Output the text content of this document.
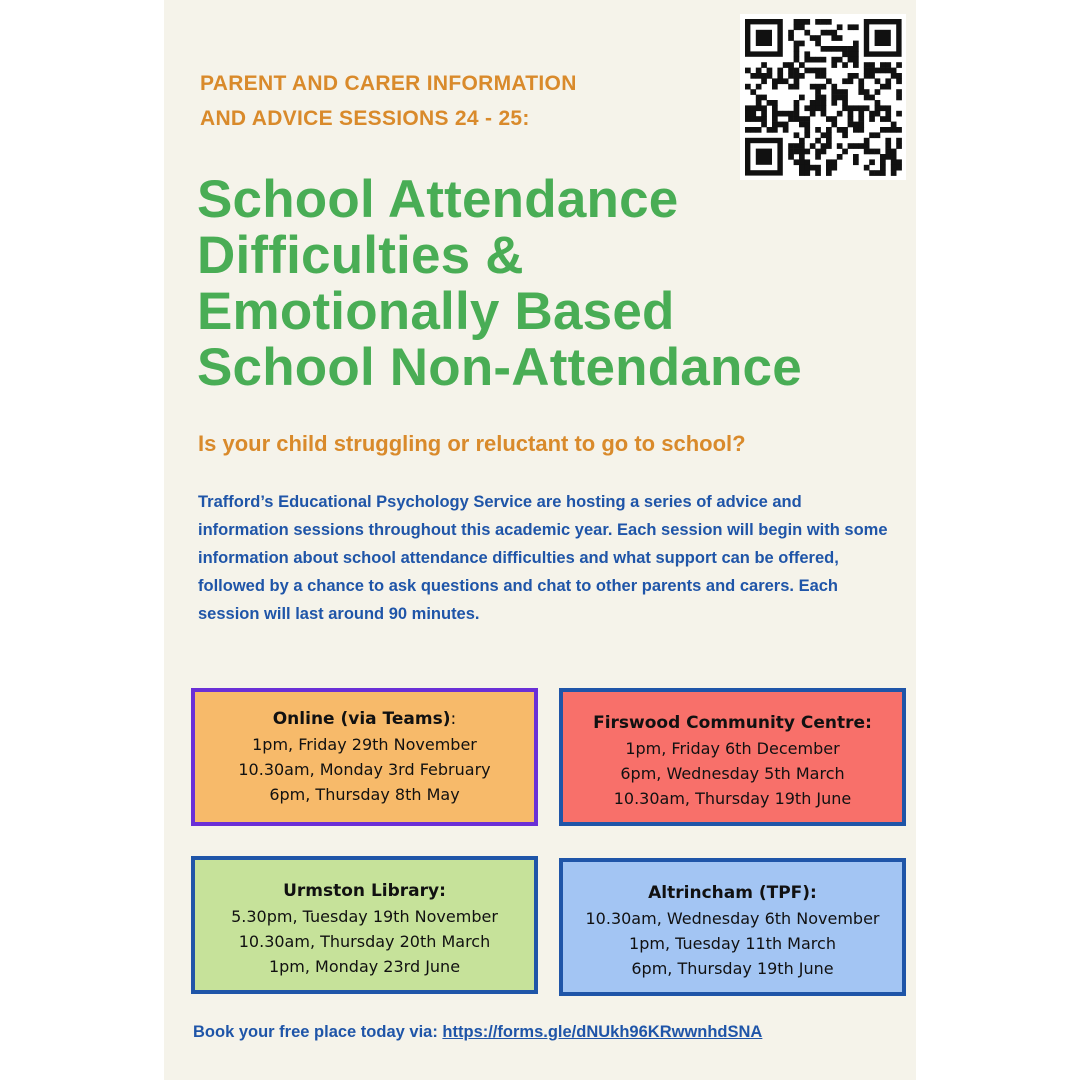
PARENT AND CARER INFORMATION
AND ADVICE SESSIONS 24 - 25:
School Attendance
Difficulties &
Emotionally Based
School Non-Attendance
Is your child struggling or reluctant to go to school?
Trafford’s Educational Psychology Service are hosting a series of advice and information sessions throughout this academic year. Each session will begin with some information about school attendance difficulties and what support can be offered, followed by a chance to ask questions and chat to other parents and carers. Each session will last around 90 minutes.
Online (via Teams):
1pm, Friday 29th November
10.30am, Monday 3rd February
6pm, Thursday 8th May
Firswood Community Centre:
1pm, Friday 6th December
6pm, Wednesday 5th March
10.30am, Thursday 19th June
Urmston Library:
5.30pm, Tuesday 19th November
10.30am, Thursday 20th March
1pm, Monday 23rd June
Altrincham (TPF):
10.30am, Wednesday 6th November
1pm, Tuesday 11th March
6pm, Thursday 19th June
Book your free place today via: https://forms.gle/dNUkh96KRwwnhdSNA
